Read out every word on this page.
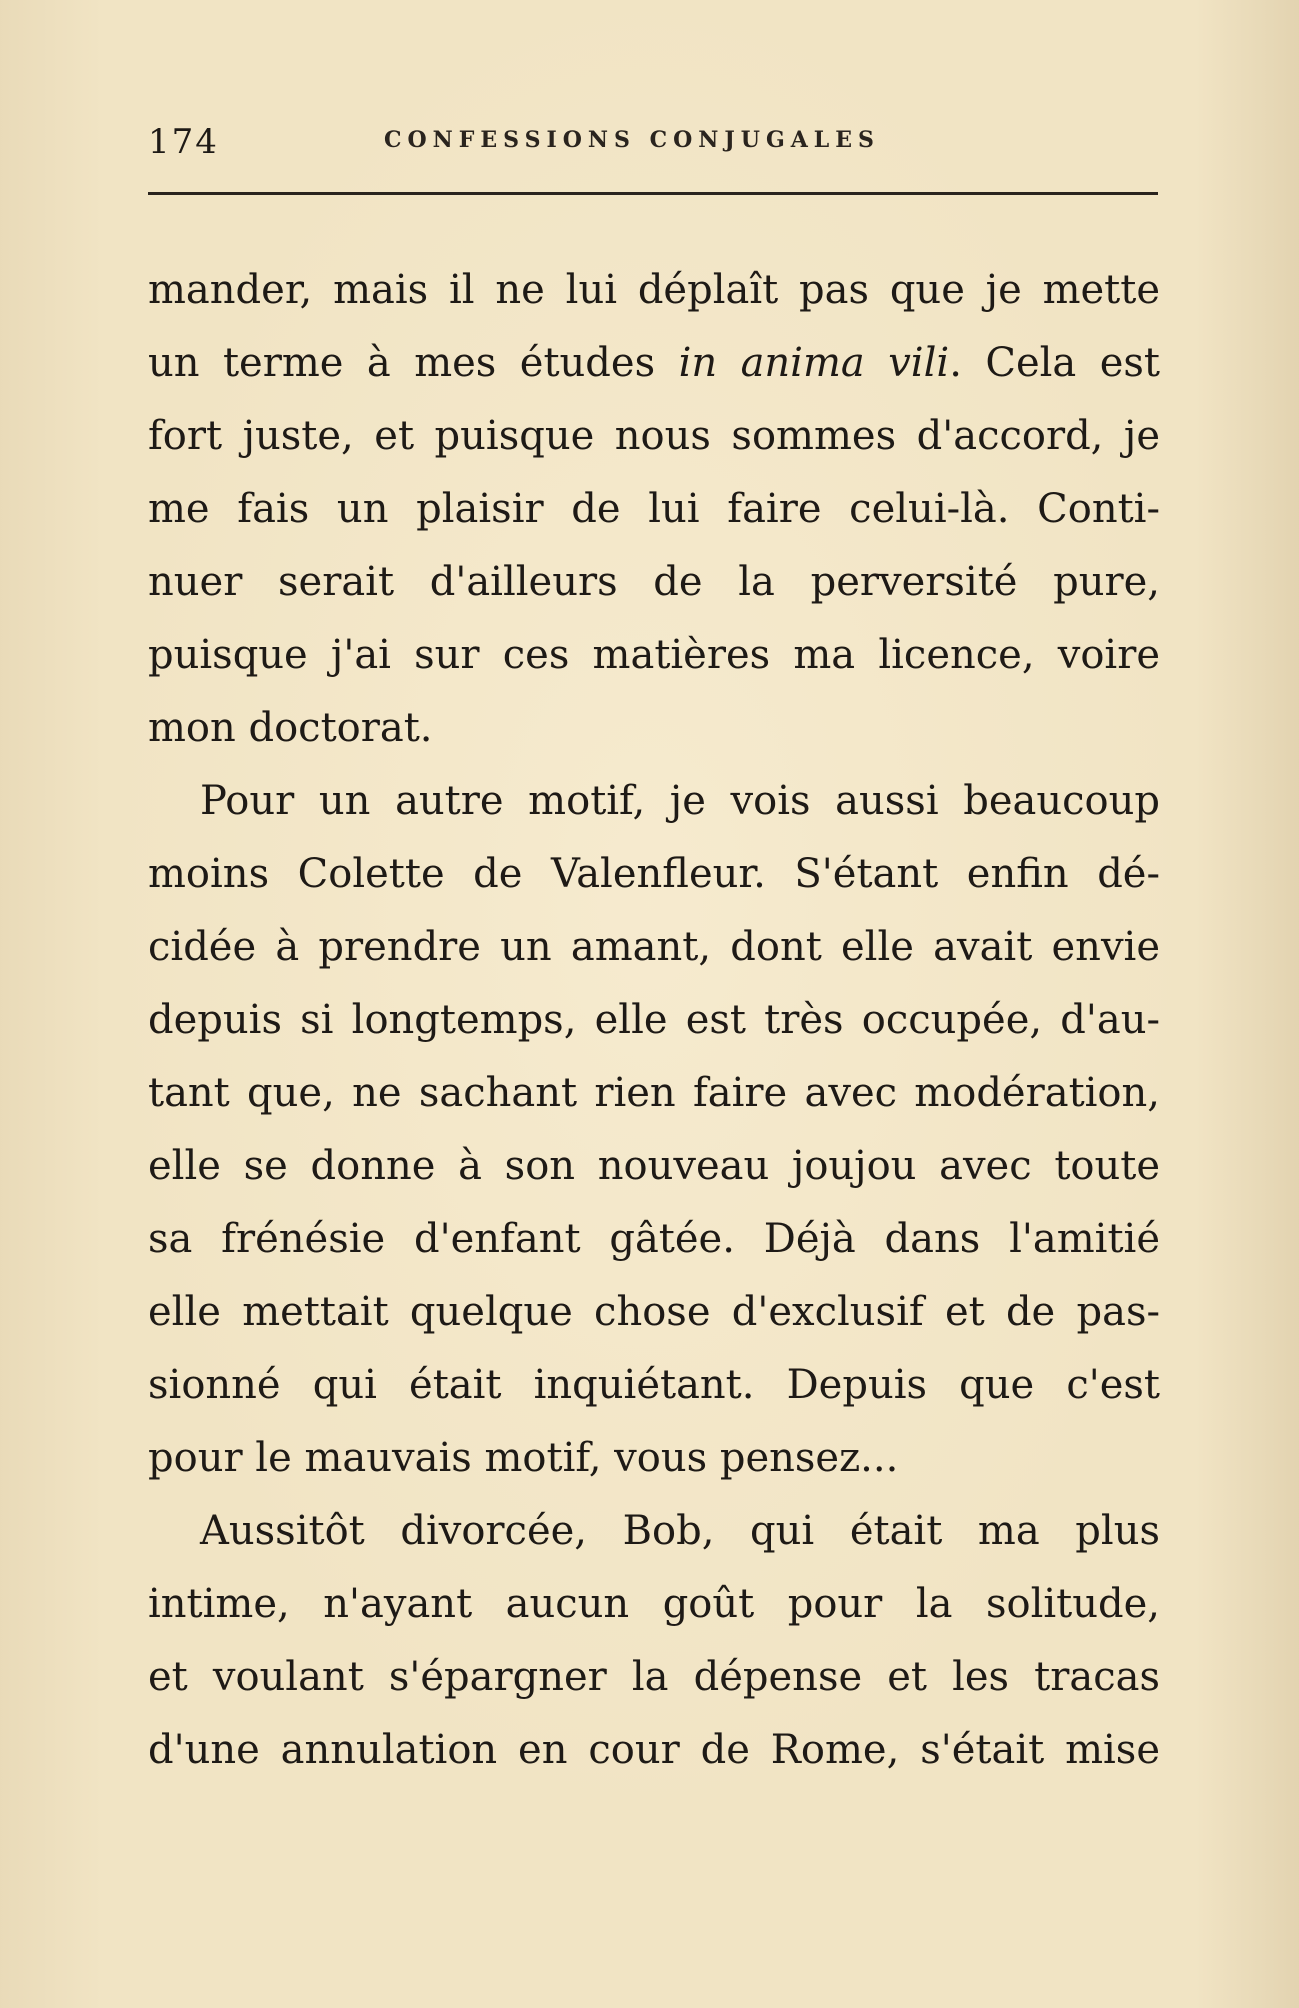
174	CONFESSIONS CONJUGALES
mander, mais il ne lui déplaît pas que je mette
un terme à mes études in anima vili. Cela est
fort juste, et puisque nous sommes d'accord, je
me fais un plaisir de lui faire celui-là. Conti-
nuer serait d'ailleurs de la perversité pure,
puisque j'ai sur ces matières ma licence, voire
mon doctorat.
Pour un autre motif, je vois aussi beaucoup
moins Colette de Valenfleur. S'étant enfin dé-
cidée à prendre un amant, dont elle avait envie
depuis si longtemps, elle est très occupée, d'au-
tant que, ne sachant rien faire avec modération,
elle se donne à son nouveau joujou avec toute
sa frénésie d'enfant gâtée. Déjà dans l'amitié
elle mettait quelque chose d'exclusif et de pas-
sionné qui était inquiétant. Depuis que c'est
pour le mauvais motif, vous pensez...
Aussitôt divorcée, Bob, qui était ma plus
intime, n'ayant aucun goût pour la solitude,
et voulant s'épargner la dépense et les tracas
d'une annulation en cour de Rome, s'était mise
